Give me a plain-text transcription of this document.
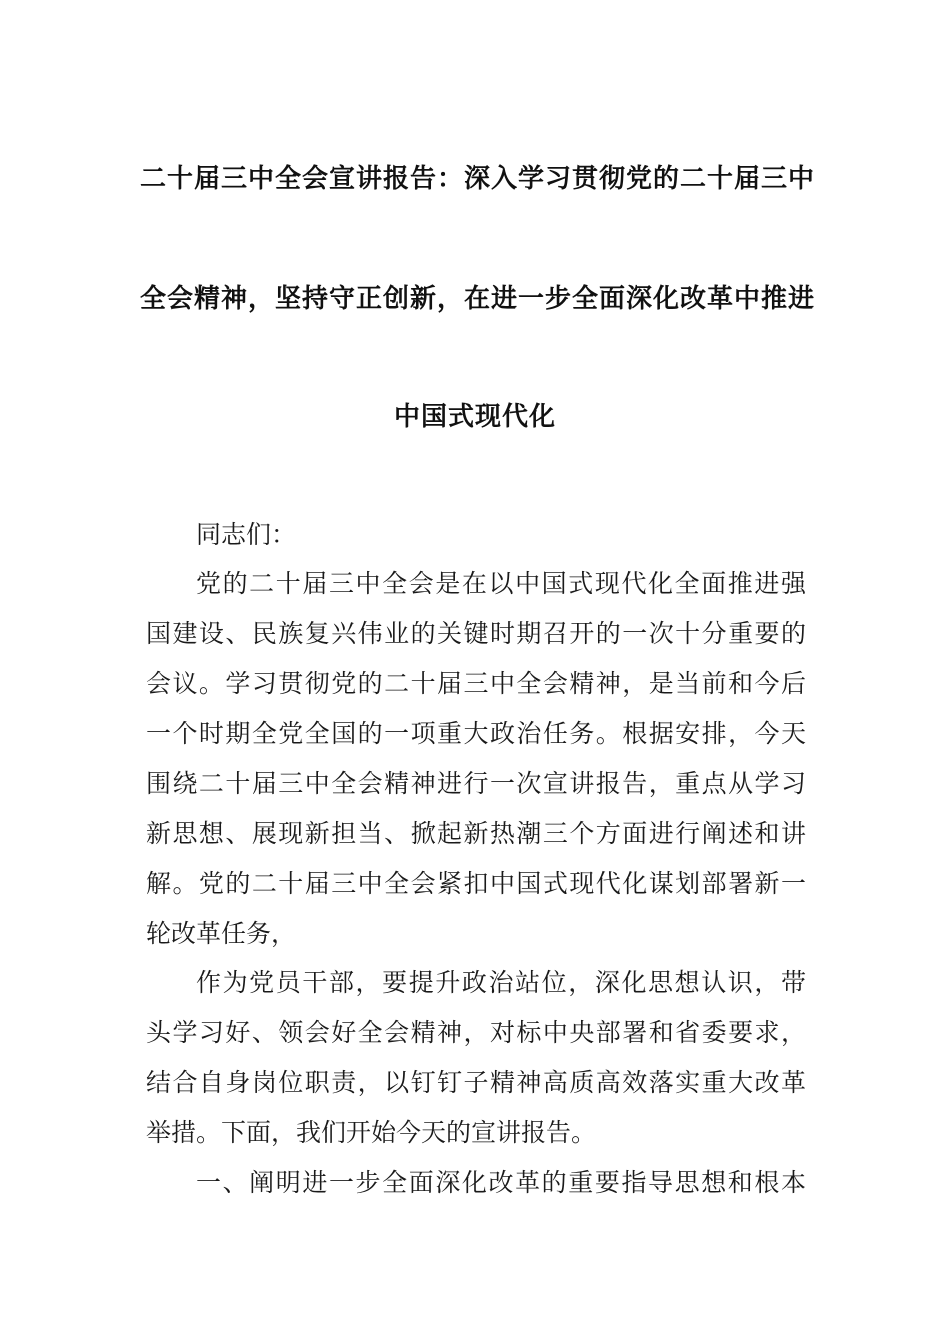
二十届三中全会宣讲报告：深入学习贯彻党的二十届三中
全会精神，坚持守正创新，在进一步全面深化改革中推进
中国式现代化
同志们：
党的二十届三中全会是在以中国式现代化全面推进强
国建设、民族复兴伟业的关键时期召开的一次十分重要的
会议。学习贯彻党的二十届三中全会精神，是当前和今后
一个时期全党全国的一项重大政治任务。根据安排，今天
围绕二十届三中全会精神进行一次宣讲报告，重点从学习
新思想、展现新担当、掀起新热潮三个方面进行阐述和讲
解。党的二十届三中全会紧扣中国式现代化谋划部署新一
轮改革任务，
作为党员干部，要提升政治站位，深化思想认识，带
头学习好、领会好全会精神，对标中央部署和省委要求，
结合自身岗位职责，以钉钉子精神高质高效落实重大改革
举措。下面，我们开始今天的宣讲报告。
一、阐明进一步全面深化改革的重要指导思想和根本
